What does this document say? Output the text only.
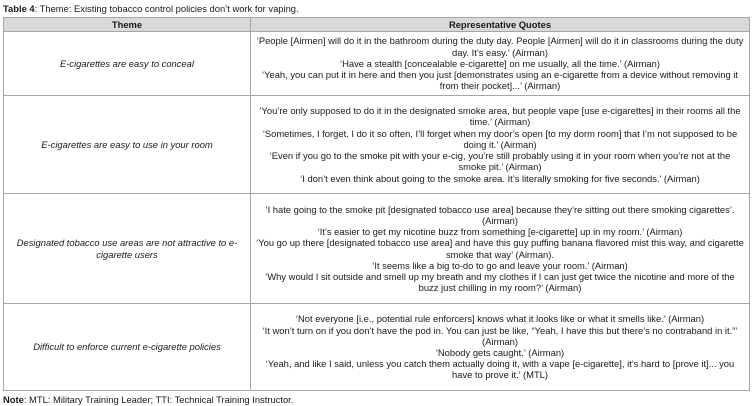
Table 4: Theme: Existing tobacco control policies don’t work for vaping.
Theme	Representative Quotes
E-cigarettes are easy to conceal	‘People [Airmen] will do it in the bathroom during the duty day. People [Airmen] will do it in classrooms during the duty day. It’s easy.’ (Airman)

‘Have a stealth [concealable e-cigarette] on me usually, all the time.’ (Airman)

‘Yeah, you can put it in here and then you just [demonstrates using an e-cigarette from a device without removing it from their pocket]...’ (Airman)

E-cigarettes are easy to use in your room	‘You’re only supposed to do it in the designated smoke area, but people vape [use e-cigarettes] in their rooms all the time.’ (Airman)

‘Sometimes, I forget. I do it so often, I’ll forget when my door’s open [to my dorm room] that I’m not supposed to be doing it.’ (Airman)

‘Even if you go to the smoke pit with your e-cig, you’re still probably using it in your room when you’re not at the smoke pit.’ (Airman)

‘I don’t even think about going to the smoke area. It’s literally smoking for five seconds.’ (Airman)

Designated tobacco use areas are not attractive to e-cigarette users	‘I hate going to the smoke pit [designated tobacco use area] because they’re sitting out there smoking cigarettes’. (Airman)

‘It’s easier to get my nicotine buzz from something [e-cigarette] up in my room.’ (Airman)

‘You go up there [designated tobacco use area] and have this guy puffing banana flavored mist this way, and cigarette smoke that way’ (Airman).

‘It seems like a big to-do to go and leave your room.’ (Airman)

‘Why would I sit outside and smell up my breath and my clothes if I can just get twice the nicotine and more of the buzz just chilling in my room?’ (Airman)

Difficult to enforce current e-cigarette policies	‘Not everyone [i.e., potential rule enforcers] knows what it looks like or what it smells like.’ (Airman)

‘It won’t turn on if you don’t have the pod in. You can just be like, “Yeah, I have this but there’s no contraband in it.”’ (Airman)

‘Nobody gets caught.’ (Airman)

‘Yeah, and like I said, unless you catch them actually doing it, with a vape [e-cigarette], it’s hard to [prove it]... you have to prove it.’ (MTL)

Note: MTL: Military Training Leader; TTI: Technical Training Instructor.
